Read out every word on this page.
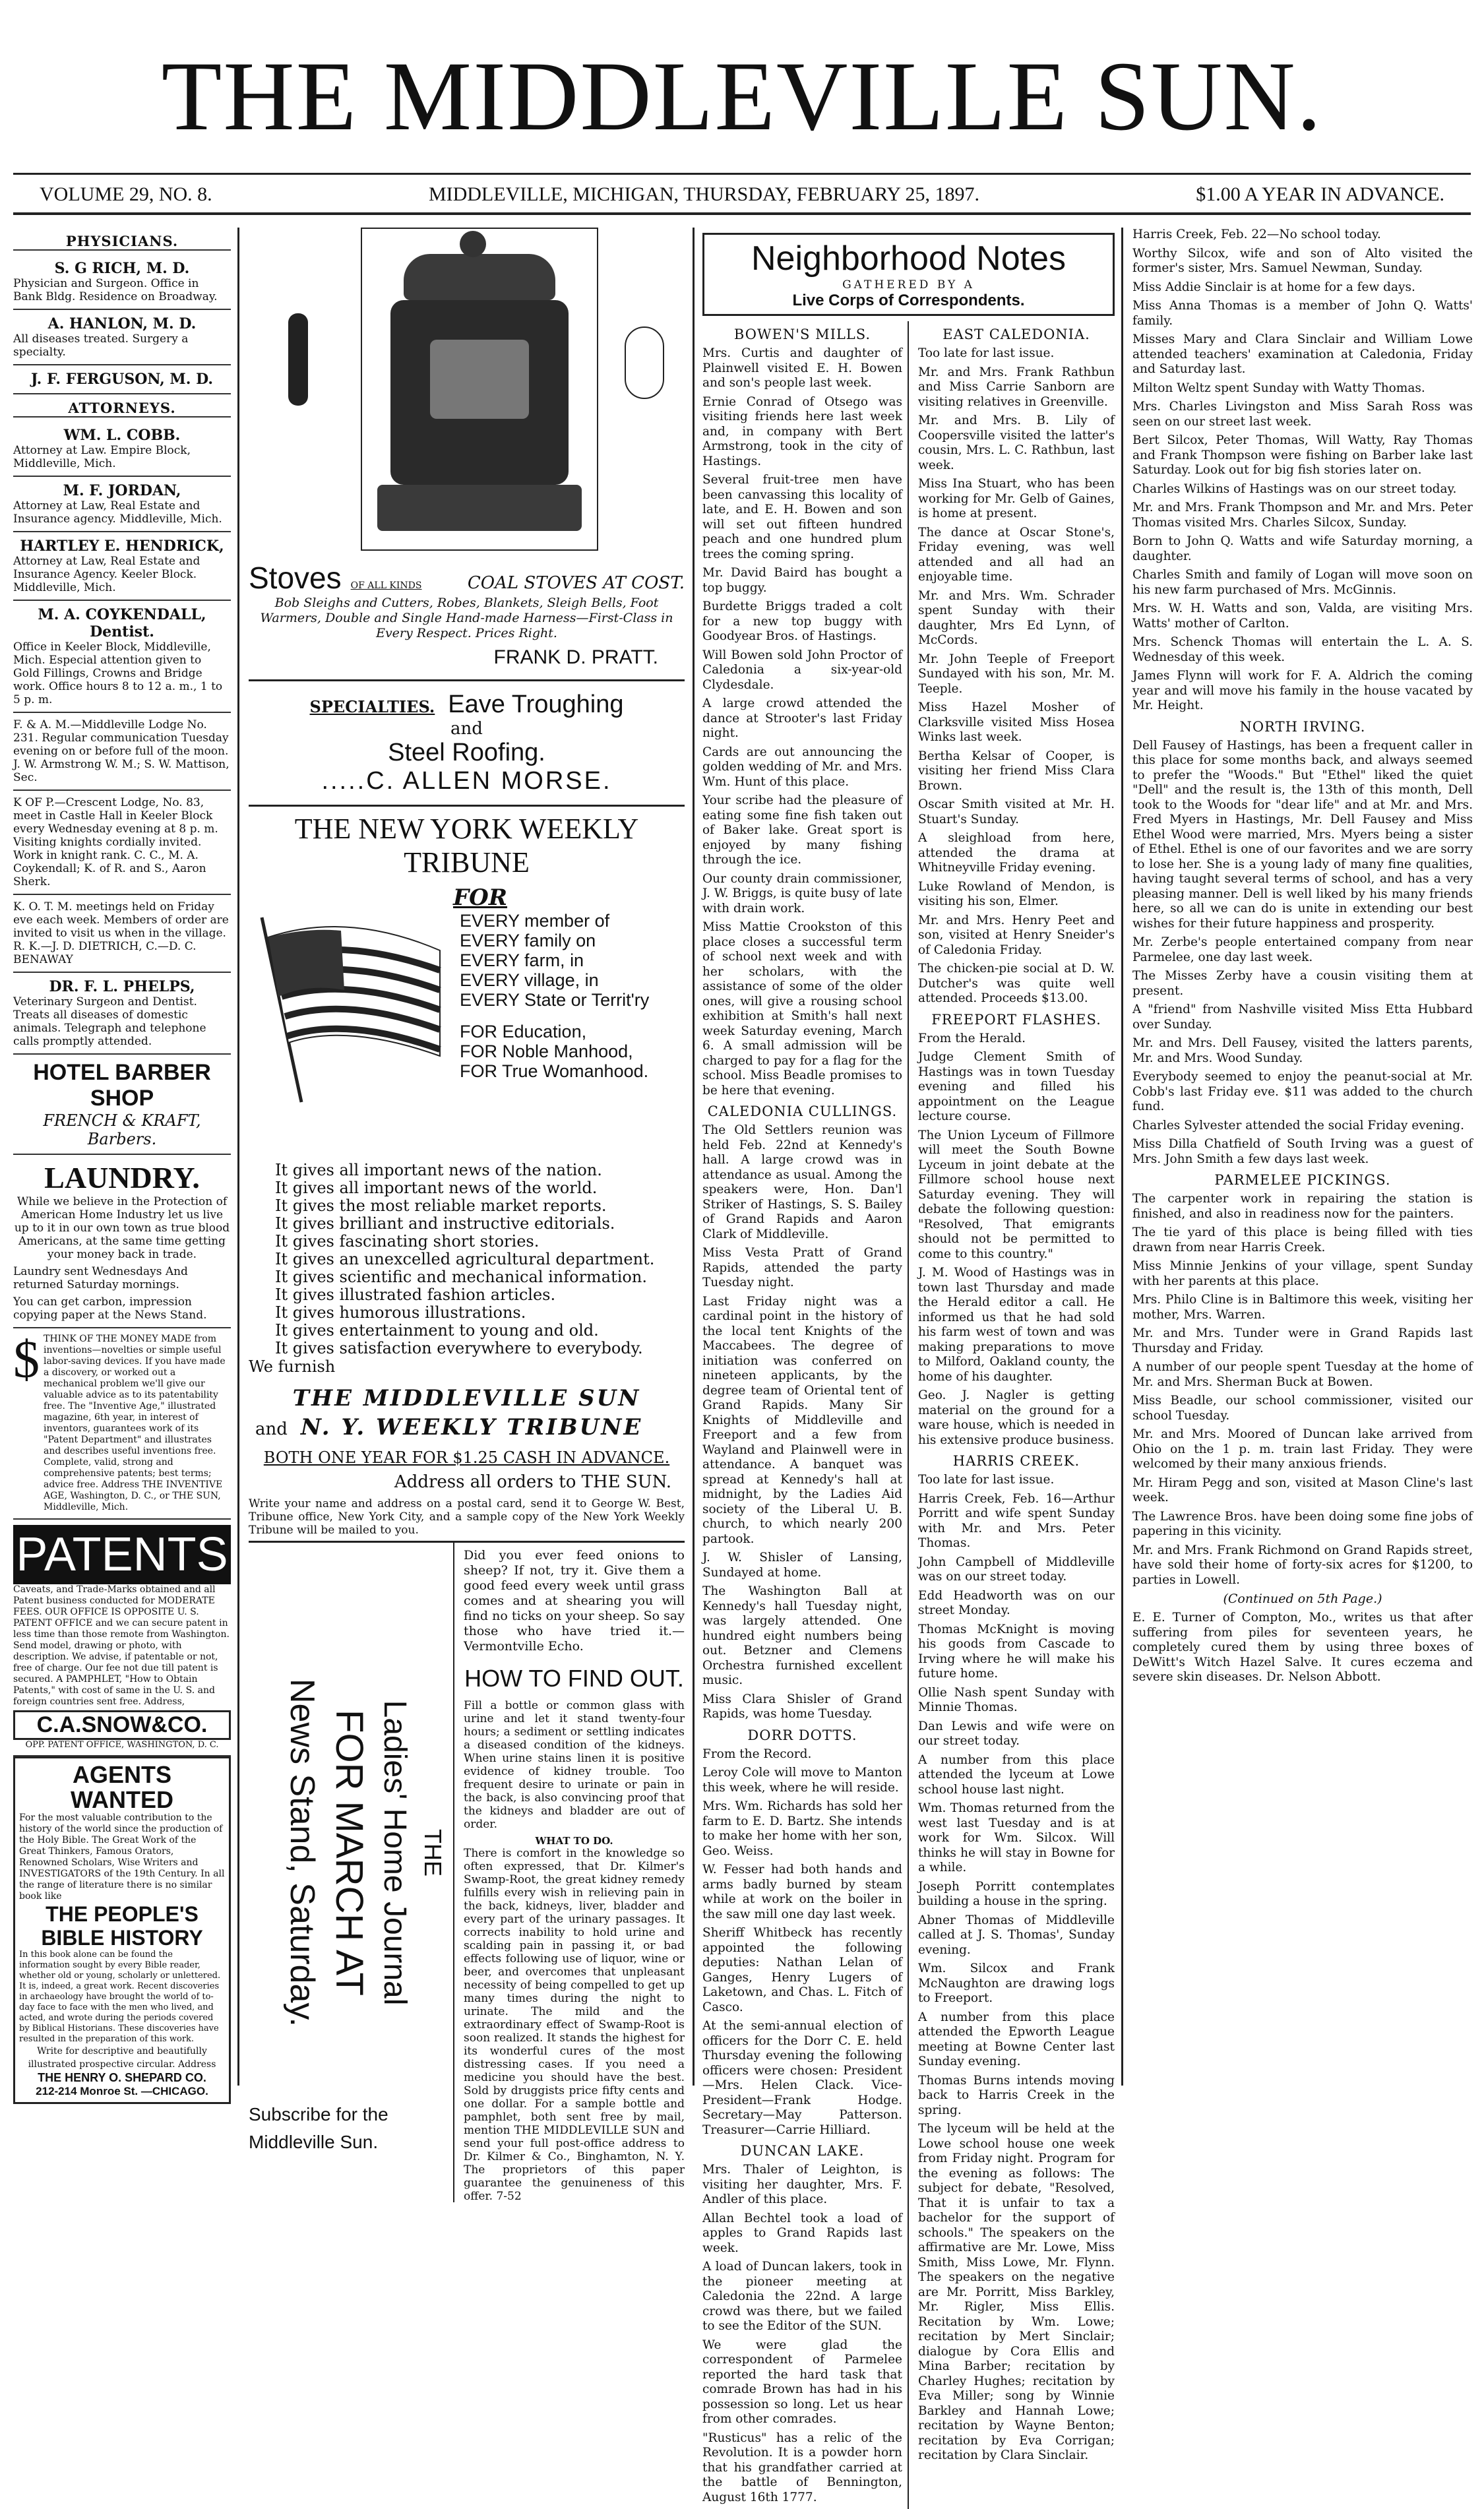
THE MIDDLEVILLE SUN.
VOLUME 29, NO. 8.	MIDDLEVILLE, MICHIGAN, THURSDAY, FEBRUARY 25, 1897.	$1.00 A YEAR IN ADVANCE.
PHYSICIANS.
S. G RICH, M. D.
Physician and Surgeon. Office in Bank Bldg. Residence on Broadway.
A. HANLON, M. D.
All diseases treated. Surgery a specialty.
J. F. FERGUSON, M. D.
ATTORNEYS.
WM. L. COBB.
Attorney at Law. Empire Block, Middleville, Mich.
M. F. JORDAN,
Attorney at Law, Real Estate and Insurance agency. Middleville, Mich.
HARTLEY E. HENDRICK,
Attorney at Law, Real Estate and Insurance Agency. Keeler Block. Middleville, Mich.
M. A. COYKENDALL, Dentist.
Office in Keeler Block, Middleville, Mich. Especial attention given to Gold Fillings, Crowns and Bridge work. Office hours 8 to 12 a. m., 1 to 5 p. m.
F. & A. M.—Middleville Lodge No. 231. Regular communication Tuesday evening on or before full of the moon. J. W. Armstrong W. M.; S. W. Mattison, Sec.
K OF P.—Crescent Lodge, No. 83, meet in Castle Hall in Keeler Block every Wednesday evening at 8 p. m. Visiting knights cordially invited. Work in knight rank. C. C., M. A. Coykendall; K. of R. and S., Aaron Sherk.
K. O. T. M. meetings held on Friday eve each week. Members of order are invited to visit us when in the village. R. K.—J. D. DIETRICH, C.—D. C. BENAWAY
DR. F. L. PHELPS,
Veterinary Surgeon and Dentist. Treats all diseases of domestic animals. Telegraph and telephone calls promptly attended.
HOTEL BARBER SHOP
FRENCH & KRAFT, Barbers.
LAUNDRY.
While we believe in the Protection of American Home Industry let us live up to it in our own town as true blood Americans, at the same time getting your money back in trade.
Laundry sent Wednesdays And returned Saturday mornings.
You can get carbon, impression copying paper at the News Stand.
$ THINK OF THE MONEY MADE from inventions—novelties or simple useful labor-saving devices. If you have made a discovery, or worked out a mechanical problem we'll give our valuable advice as to its patentability free. The "Inventive Age," illustrated magazine, 6th year, in interest of inventors, guarantees work of its "Patent Department" and illustrates and describes useful inventions free. Complete, valid, strong and comprehensive patents; best terms; advice free. Address THE INVENTIVE AGE, Washington, D. C., or THE SUN, Middleville, Mich.
PATENTS
Caveats, and Trade-Marks obtained and all Patent business conducted for MODERATE FEES. OUR OFFICE IS OPPOSITE U. S. PATENT OFFICE and we can secure patent in less time than those remote from Washington. Send model, drawing or photo, with description. We advise, if patentable or not, free of charge. Our fee not due till patent is secured. A PAMPHLET, "How to Obtain Patents," with cost of same in the U. S. and foreign countries sent free. Address,
C.A.SNOW&CO.
OPP. PATENT OFFICE, WASHINGTON, D. C.
AGENTS WANTED
For the most valuable contribution to the history of the world since the production of the Holy Bible. The Great Work of the Great Thinkers, Famous Orators, Renowned Scholars, Wise Writers and INVESTIGATORS of the 19th Century. In all the range of literature there is no similar book like
THE PEOPLE'S BIBLE HISTORY
In this book alone can be found the information sought by every Bible reader, whether old or young, scholarly or unlettered. It is, indeed, a great work. Recent discoveries in archaeology have brought the world of to-day face to face with the men who lived, and acted, and wrote during the periods covered by Biblical Historians. These discoveries have resulted in the preparation of this work.
Write for descriptive and beautifully illustrated prospective circular. Address
THE HENRY O. SHEPARD CO.
212-214 Monroe St. —CHICAGO.
Stoves OF ALL KINDS	COAL STOVES AT COST.

Bob Sleighs and Cutters, Robes, Blankets, Sleigh Bells, Foot Warmers, Double and Single Hand-made Harness—First-Class in Every Respect. Prices Right.

FRANK D. PRATT.
SPECIALTIES. Eave Troughing
and
Steel Roofing.
.....C. ALLEN MORSE.
THE NEW YORK WEEKLY TRIBUNE
FOR
EVERY member of
EVERY family on
EVERY farm, in
EVERY village, in
EVERY State or Territ'ry
FOR Education,
FOR Noble Manhood,
FOR True Womanhood.
It gives all important news of the nation.
It gives all important news of the world.
It gives the most reliable market reports.
It gives brilliant and instructive editorials.
It gives fascinating short stories.
It gives an unexcelled agricultural department.
It gives scientific and mechanical information.
It gives illustrated fashion articles.
It gives humorous illustrations.
It gives entertainment to young and old.
It gives satisfaction everywhere to everybody.
We furnish
THE MIDDLEVILLE SUN
and N. Y. WEEKLY TRIBUNE
BOTH ONE YEAR FOR $1.25 CASH IN ADVANCE.
Address all orders to THE SUN.

Write your name and address on a postal card, send it to George W. Best, Tribune office, New York City, and a sample copy of the New York Weekly Tribune will be mailed to you.

THE
Ladies' Home Journal
FOR MARCH AT
News Stand, Saturday.
Subscribe for the Middleville Sun.

Did you ever feed onions to sheep? If not, try it. Give them a good feed every week until grass comes and at shearing you will find no ticks on your sheep. So say those who have tried it.—Vermontville Echo.

HOW TO FIND OUT.

Fill a bottle or common glass with urine and let it stand twenty-four hours; a sediment or settling indicates a diseased condition of the kidneys. When urine stains linen it is positive evidence of kidney trouble. Too frequent desire to urinate or pain in the back, is also convincing proof that the kidneys and bladder are out of order.

WHAT TO DO.

There is comfort in the knowledge so often expressed, that Dr. Kilmer's Swamp-Root, the great kidney remedy fulfills every wish in relieving pain in the back, kidneys, liver, bladder and every part of the urinary passages. It corrects inability to hold urine and scalding pain in passing it, or bad effects following use of liquor, wine or beer, and overcomes that unpleasant necessity of being compelled to get up many times during the night to urinate. The mild and the extraordinary effect of Swamp-Root is soon realized. It stands the highest for its wonderful cures of the most distressing cases. If you need a medicine you should have the best. Sold by druggists price fifty cents and one dollar. For a sample bottle and pamphlet, both sent free by mail, mention THE MIDDLEVILLE SUN and send your full post-office address to Dr. Kilmer & Co., Binghamton, N. Y. The proprietors of this paper guarantee the genuineness of this offer. 7-52

Neighborhood Notes
GATHERED BY A
Live Corps of Correspondents.
BOWEN'S MILLS.

Mrs. Curtis and daughter of Plainwell visited E. H. Bowen and son's people last week.

Ernie Conrad of Otsego was visiting friends here last week and, in company with Bert Armstrong, took in the city of Hastings.

Several fruit-tree men have been canvassing this locality of late, and E. H. Bowen and son will set out fifteen hundred peach and one hundred plum trees the coming spring.

Mr. David Baird has bought a top buggy.

Burdette Briggs traded a colt for a new top buggy with Goodyear Bros. of Hastings.

Will Bowen sold John Proctor of Caledonia a six-year-old Clydesdale.

A large crowd attended the dance at Strooter's last Friday night.

Cards are out announcing the golden wedding of Mr. and Mrs. Wm. Hunt of this place.

Your scribe had the pleasure of eating some fine fish taken out of Baker lake. Great sport is enjoyed by many fishing through the ice.

Our county drain commissioner, J. W. Briggs, is quite busy of late with drain work.

Miss Mattie Crookston of this place closes a successful term of school next week and with her scholars, with the assistance of some of the older ones, will give a rousing school exhibition at Smith's hall next week Saturday evening, March 6. A small admission will be charged to pay for a flag for the school. Miss Beadle promises to be here that evening.

CALEDONIA CULLINGS.

The Old Settlers reunion was held Feb. 22nd at Kennedy's hall. A large crowd was in attendance as usual. Among the speakers were, Hon. Dan'l Striker of Hastings, S. S. Bailey of Grand Rapids and Aaron Clark of Middleville.

Miss Vesta Pratt of Grand Rapids, attended the party Tuesday night.

Last Friday night was a cardinal point in the history of the local tent Knights of the Maccabees. The degree of initiation was conferred on nineteen applicants, by the degree team of Oriental tent of Grand Rapids. Many Sir Knights of Middleville and Freeport and a few from Wayland and Plainwell were in attendance. A banquet was spread at Kennedy's hall at midnight, by the Ladies Aid society of the Liberal U. B. church, to which nearly 200 partook.

J. W. Shisler of Lansing, Sundayed at home.

The Washington Ball at Kennedy's hall Tuesday night, was largely attended. One hundred eight numbers being out. Betzner and Clemens Orchestra furnished excellent music.

Miss Clara Shisler of Grand Rapids, was home Tuesday.

DORR DOTTS.

From the Record.

Leroy Cole will move to Manton this week, where he will reside.

Mrs. Wm. Richards has sold her farm to E. D. Bartz. She intends to make her home with her son, Geo. Weiss.

W. Fesser had both hands and arms badly burned by steam while at work on the boiler in the saw mill one day last week.

Sheriff Whitbeck has recently appointed the following deputies: Nathan Lelan of Ganges, Henry Lugers of Laketown, and Chas. L. Fitch of Casco.

At the semi-annual election of officers for the Dorr C. E. held Thursday evening the following officers were chosen: President—Mrs. Helen Clack. Vice-President—Frank Hodge. Secretary—May Patterson. Treasurer—Carrie Hilliard.

DUNCAN LAKE.

Mrs. Thaler of Leighton, is visiting her daughter, Mrs. F. Andler of this place.

Allan Bechtel took a load of apples to Grand Rapids last week.

A load of Duncan lakers, took in the pioneer meeting at Caledonia the 22nd. A large crowd was there, but we failed to see the Editor of the SUN.

We were glad the correspondent of Parmelee reported the hard task that comrade Brown has had in his possession so long. Let us hear from other comrades.

"Rusticus" has a relic of the Revolution. It is a powder horn that his grandfather carried at the battle of Bennington, August 16th 1777.

EAST CALEDONIA.

Too late for last issue.

Mr. and Mrs. Frank Rathbun and Miss Carrie Sanborn are visiting relatives in Greenville.

Mr. and Mrs. B. Lily of Coopersville visited the latter's cousin, Mrs. L. C. Rathbun, last week.

Miss Ina Stuart, who has been working for Mr. Gelb of Gaines, is home at present.

The dance at Oscar Stone's, Friday evening, was well attended and all had an enjoyable time.

Mr. and Mrs. Wm. Schrader spent Sunday with their daughter, Mrs Ed Lynn, of McCords.

Mr. John Teeple of Freeport Sundayed with his son, Mr. M. Teeple.

Miss Hazel Mosher of Clarksville visited Miss Hosea Winks last week.

Bertha Kelsar of Cooper, is visiting her friend Miss Clara Brown.

Oscar Smith visited at Mr. H. Stuart's Sunday.

A sleighload from here, attended the drama at Whitneyville Friday evening.

Luke Rowland of Mendon, is visiting his son, Elmer.

Mr. and Mrs. Henry Peet and son, visited at Henry Sneider's of Caledonia Friday.

The chicken-pie social at D. W. Dutcher's was quite well attended. Proceeds $13.00.

FREEPORT FLASHES.

From the Herald.

Judge Clement Smith of Hastings was in town Tuesday evening and filled his appointment on the League lecture course.

The Union Lyceum of Fillmore will meet the South Bowne Lyceum in joint debate at the Fillmore school house next Saturday evening. They will debate the following question: "Resolved, That emigrants should not be permitted to come to this country."

J. M. Wood of Hastings was in town last Thursday and made the Herald editor a call. He informed us that he had sold his farm west of town and was making preparations to move to Milford, Oakland county, the home of his daughter.

Geo. J. Nagler is getting material on the ground for a ware house, which is needed in his extensive produce business.

HARRIS CREEK.

Too late for last issue.

Harris Creek, Feb. 16—Arthur Porritt and wife spent Sunday with Mr. and Mrs. Peter Thomas.

John Campbell of Middleville was on our street today.

Edd Headworth was on our street Monday.

Thomas McKnight is moving his goods from Cascade to Irving where he will make his future home.

Ollie Nash spent Sunday with Minnie Thomas.

Dan Lewis and wife were on our street today.

A number from this place attended the lyceum at Lowe school house last night.

Wm. Thomas returned from the west last Tuesday and is at work for Wm. Silcox. Will thinks he will stay in Bowne for a while.

Joseph Porritt contemplates building a house in the spring.

Abner Thomas of Middleville called at J. S. Thomas', Sunday evening.

Wm. Silcox and Frank McNaughton are drawing logs to Freeport.

A number from this place attended the Epworth League meeting at Bowne Center last Sunday evening.

Thomas Burns intends moving back to Harris Creek in the spring.

The lyceum will be held at the Lowe school house one week from Friday night. Program for the evening as follows: The subject for debate, "Resolved, That it is unfair to tax a bachelor for the support of schools." The speakers on the affirmative are Mr. Lowe, Miss Smith, Miss Lowe, Mr. Flynn. The speakers on the negative are Mr. Porritt, Miss Barkley, Mr. Rigler, Miss Ellis. Recitation by Wm. Lowe; recitation by Mert Sinclair; dialogue by Cora Ellis and Mina Barber; recitation by Charley Hughes; recitation by Eva Miller; song by Winnie Barkley and Hannah Lowe; recitation by Wayne Benton; recitation by Eva Corrigan; recitation by Clara Sinclair.

Harris Creek, Feb. 22—No school today.

Worthy Silcox, wife and son of Alto visited the former's sister, Mrs. Samuel Newman, Sunday.

Miss Addie Sinclair is at home for a few days.

Miss Anna Thomas is a member of John Q. Watts' family.

Misses Mary and Clara Sinclair and William Lowe attended teachers' examination at Caledonia, Friday and Saturday last.

Milton Weltz spent Sunday with Watty Thomas.

Mrs. Charles Livingston and Miss Sarah Ross was seen on our street last week.

Bert Silcox, Peter Thomas, Will Watty, Ray Thomas and Frank Thompson were fishing on Barber lake last Saturday. Look out for big fish stories later on.

Charles Wilkins of Hastings was on our street today.

Mr. and Mrs. Frank Thompson and Mr. and Mrs. Peter Thomas visited Mrs. Charles Silcox, Sunday.

Born to John Q. Watts and wife Saturday morning, a daughter.

Charles Smith and family of Logan will move soon on his new farm purchased of Mrs. McGinnis.

Mrs. W. H. Watts and son, Valda, are visiting Mrs. Watts' mother of Carlton.

Mrs. Schenck Thomas will entertain the L. A. S. Wednesday of this week.

James Flynn will work for F. A. Aldrich the coming year and will move his family in the house vacated by Mr. Height.

NORTH IRVING.

Dell Fausey of Hastings, has been a frequent caller in this place for some months back, and always seemed to prefer the "Woods." But "Ethel" liked the quiet "Dell" and the result is, the 13th of this month, Dell took to the Woods for "dear life" and at Mr. and Mrs. Fred Myers in Hastings, Mr. Dell Fausey and Miss Ethel Wood were married, Mrs. Myers being a sister of Ethel. Ethel is one of our favorites and we are sorry to lose her. She is a young lady of many fine qualities, having taught several terms of school, and has a very pleasing manner. Dell is well liked by his many friends here, so all we can do is unite in extending our best wishes for their future happiness and prosperity.

Mr. Zerbe's people entertained company from near Parmelee, one day last week.

The Misses Zerby have a cousin visiting them at present.

A "friend" from Nashville visited Miss Etta Hubbard over Sunday.

Mr. and Mrs. Dell Fausey, visited the latters parents, Mr. and Mrs. Wood Sunday.

Everybody seemed to enjoy the peanut-social at Mr. Cobb's last Friday eve. $11 was added to the church fund.

Charles Sylvester attended the social Friday evening.

Miss Dilla Chatfield of South Irving was a guest of Mrs. John Smith a few days last week.

PARMELEE PICKINGS.

The carpenter work in repairing the station is finished, and also in readiness now for the painters.

The tie yard of this place is being filled with ties drawn from near Harris Creek.

Miss Minnie Jenkins of your village, spent Sunday with her parents at this place.

Mrs. Philo Cline is in Baltimore this week, visiting her mother, Mrs. Warren.

Mr. and Mrs. Tunder were in Grand Rapids last Thursday and Friday.

A number of our people spent Tuesday at the home of Mr. and Mrs. Sherman Buck at Bowen.

Miss Beadle, our school commissioner, visited our school Tuesday.

Mr. and Mrs. Moored of Duncan lake arrived from Ohio on the 1 p. m. train last Friday. They were welcomed by their many anxious friends.

Mr. Hiram Pegg and son, visited at Mason Cline's last week.

The Lawrence Bros. have been doing some fine jobs of papering in this vicinity.

Mr. and Mrs. Frank Richmond on Grand Rapids street, have sold their home of forty-six acres for $1200, to parties in Lowell.

(Continued on 5th Page.)

E. E. Turner of Compton, Mo., writes us that after suffering from piles for seventeen years, he completely cured them by using three boxes of DeWitt's Witch Hazel Salve. It cures eczema and severe skin diseases. Dr. Nelson Abbott.
